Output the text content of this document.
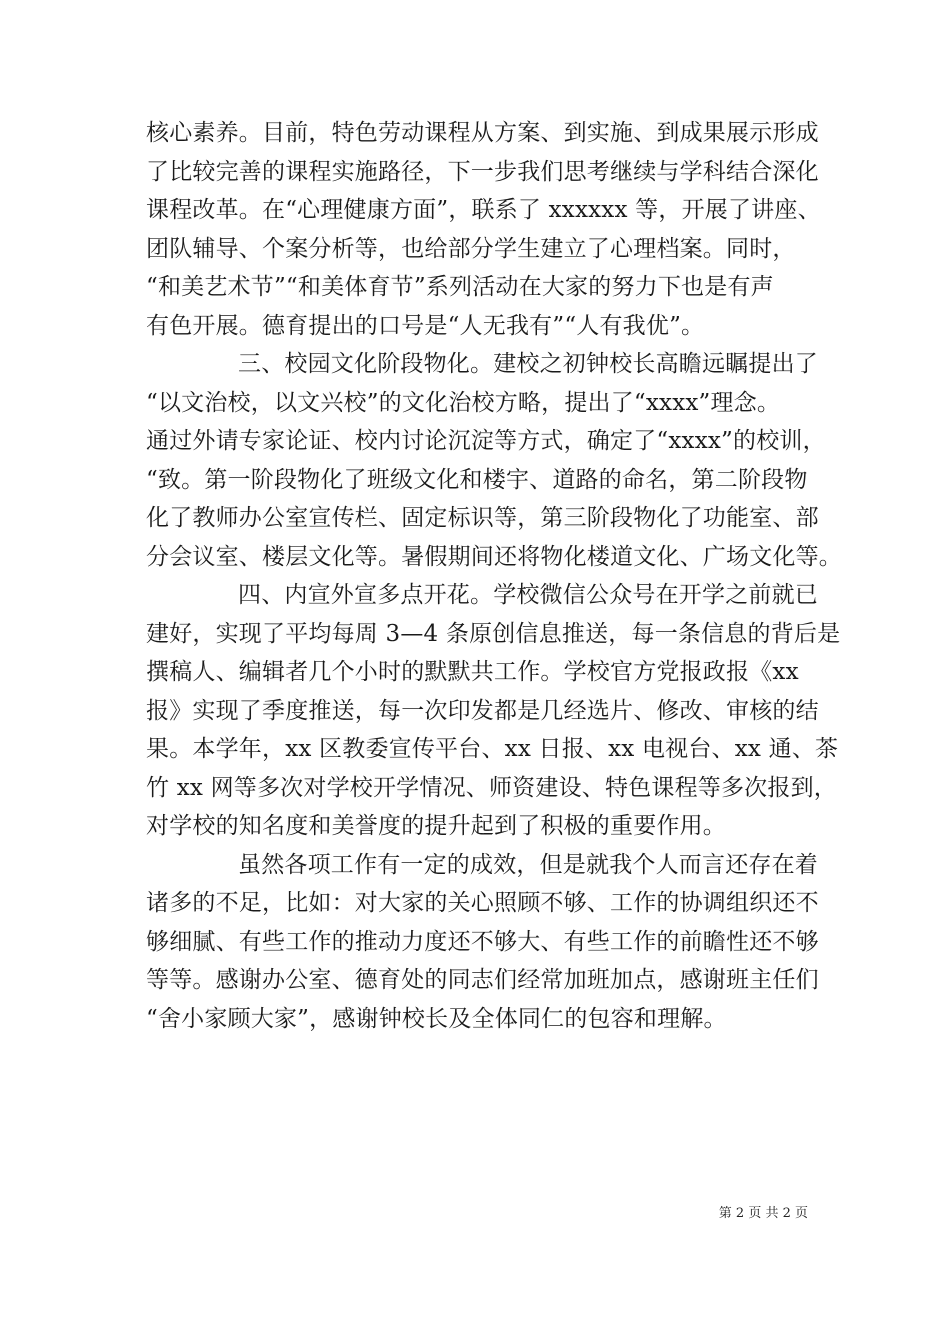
核心素养。目前，特色劳动课程从方案、到实施、到成果展示形成
了比较完善的课程实施路径，下一步我们思考继续与学科结合深化
课程改革。在“心理健康方面”，联系了 xxxxxx 等，开展了讲座、
团队辅导、个案分析等，也给部分学生建立了心理档案。同时，
“和美艺术节”“和美体育节”系列活动在大家的努力下也是有声
有色开展。德育提出的口号是“人无我有”“人有我优”。
三、校园文化阶段物化。建校之初钟校长高瞻远瞩提出了
“以文治校，以文兴校”的文化治校方略，提出了“xxxx”理念。
通过外请专家论证、校内讨论沉淀等方式，确定了“xxxx”的校训，
“致。第一阶段物化了班级文化和楼宇、道路的命名，第二阶段物
化了教师办公室宣传栏、固定标识等，第三阶段物化了功能室、部
分会议室、楼层文化等。暑假期间还将物化楼道文化、广场文化等。
四、内宣外宣多点开花。学校微信公众号在开学之前就已
建好，实现了平均每周 3—4 条原创信息推送，每一条信息的背后是
撰稿人、编辑者几个小时的默默共工作。学校官方党报政报《xx
报》实现了季度推送，每一次印发都是几经选片、修改、审核的结
果。本学年，xx 区教委宣传平台、xx 日报、xx 电视台、xx 通、茶
竹 xx 网等多次对学校开学情况、师资建设、特色课程等多次报到，
对学校的知名度和美誉度的提升起到了积极的重要作用。
虽然各项工作有一定的成效，但是就我个人而言还存在着
诸多的不足，比如：对大家的关心照顾不够、工作的协调组织还不
够细腻、有些工作的推动力度还不够大、有些工作的前瞻性还不够
等等。感谢办公室、德育处的同志们经常加班加点，感谢班主任们
“舍小家顾大家”，感谢钟校长及全体同仁的包容和理解。
第 2 页 共 2 页
